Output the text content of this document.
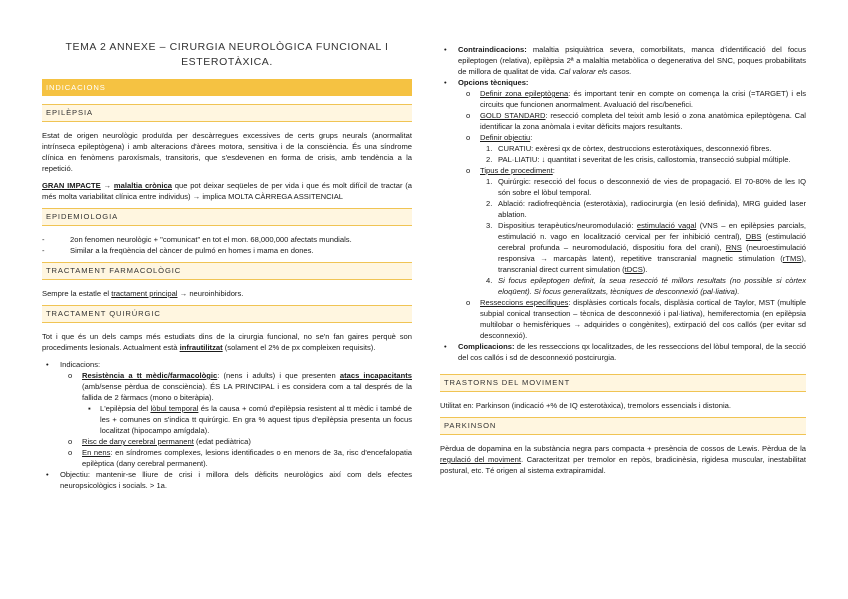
TEMA 2 ANNEXE – CIRURGIA NEUROLÒGICA FUNCIONAL I ESTEROTÀXICA.
INDICACIONS
EPILÈPSIA

Estat de origen neurològic produïda per descàrregues excessives de certs grups neurals (anormalitat intrínseca epileptògena) i amb alteracions d'àrees motora, sensitiva i de la consciència. És una síndrome clínica en fenòmens paroxísmals, transitoris, que s'esdevenen en forma de crisis, amb tendència a la repetició.

GRAN IMPACTE → malaltia crònica que pot deixar seqüeles de per vida i que és molt difícil de tractar (a més molta variabilitat clínica entre individus) → implica MOLTA CÀRREGA ASSITENCIAL

EPIDEMIOLOGIA
-	2on fenomen neurològic + "comunicat" en tot el mon. 68,000,000 afectats mundials.
-	Similar a la freqüència del càncer de pulmó en homes i mama en dones.
TRACTAMENT FARMACOLÒGIC

Sempre la estatle el tractament principal → neuroinhibidors.

TRACTAMENT QUIRÚRGIC

Tot i que és un dels camps més estudiats dins de la cirurgia funcional, no se'n fan gaires perquè son procediments lesionals. Actualment està infrautilitzat (solament el 2% de px compleixen requisits).

• Indicacions:
o Resistència a tt mèdic/farmacològic: (nens i adults) i que presenten atacs incapacitants (amb/sense pèrdua de consciència). ÉS LA PRINCIPAL i es considera com a tal després de la fallida de 2 fàrmacs (mono o biteràpia).
▪ L'epilèpsia del lòbul temporal és la causa + comú d'epilèpsia resistent al tt mèdic i també de les + comunes on s'indica tt quirúrgic. En gra % aquest tipus d'epilèpsia presenta un focus localitzat (hipocampo amígdala).
o Risc de dany cerebral permanent (edat pediàtrica)
o En nens: en síndromes complexes, lesions identificades o en menors de 3a, risc d'encefalopatia epilèptica (dany cerebral permanent).
• Objectiu: mantenir-se lliure de crisi i millora dels dèficits neurològics així com dels efectes neuropsicològics i socials. > 1a.
• Contraindicacions: malaltia psiquiàtrica severa, comorbilitats, manca d'identificació del focus epileptogen (relativa), epilèpsia 2ª a malaltia metabòlica o degenerativa del SNC, poques probabilitats de millora de qualitat de vida. Cal valorar els casos.
• Opcions tècniques:
o Definir zona epileptògena: és important tenir en compte on comença la crisi (=TARGET) i els circuits que funcionen anormalment. Avaluació del risc/benefici.
o GOLD STANDARD: resecció completa del teixit amb lesió o zona anatòmica epileptògena. Cal identificar la zona anòmala i evitar dèficits majors resultants.
o Definir objectiu:
1. CURATIU: exèresi qx de còrtex, destruccions esterotàxiques, desconnexió fibres.
2. PAL·LIATIU: ↓ quantitat i severitat de les crisis, callostomia, transecció subpial múltiple.
o Tipus de procediment:
1. Quirúrgic: resecció del focus o desconnexió de vies de propagació. El 70-80% de les IQ són sobre el lòbul temporal.
2. Ablació: radiofreqüència (esterotàxia), radiocirurgia (en lesió definida), MRG guided laser ablation.
3. Dispositius terapèutics/neuromodulació: estimulació vagal (VNS – en epilèpsies parcials, estimulació n. vago en localització cervical per fer inhibició central), DBS (estimulació cerebral profunda – neuromodulació, dispositiu fora del crani), RNS (neuroestimulació responsiva → marcapàs latent), repetitive transcranial magnetic stimulation (rTMS), transcranial direct current simulation (tDCS).
4. Si focus epileptogen definit, la seua resecció té millors resultats (no possible si còrtex eloqüent). Si focus generalitzats, tècniques de desconnexió (pal·liativa).
o Resseccions específiques: displàsies corticals focals, displàsia cortical de Taylor, MST (multiple subpial conical transection – tècnica de desconnexió i pal·liativa), hemiferectomia (en epilèpsia multilobar o hemisfèriques → adquirides o congènites), extirpació del cos callós (per evitar sd desconnexió).
• Complicacions: de les resseccions qx localitzades, de les resseccions del lòbul temporal, de la secció del cos callós i sd de desconnexió postcirurgia.
TRASTORNS DEL MOVIMENT

Utilitat en: Parkinson (indicació +% de IQ esterotàxica), tremolors essencials i distonia.

PARKINSON

Pèrdua de dopamina en la substància negra pars compacta + presència de cossos de Lewis. Pèrdua de la regulació del moviment. Caracteritzat per tremolor en repòs, bradicinèsia, rigidesa muscular, inestabilitat postural, etc. Té origen al sistema extrapiramidal.
